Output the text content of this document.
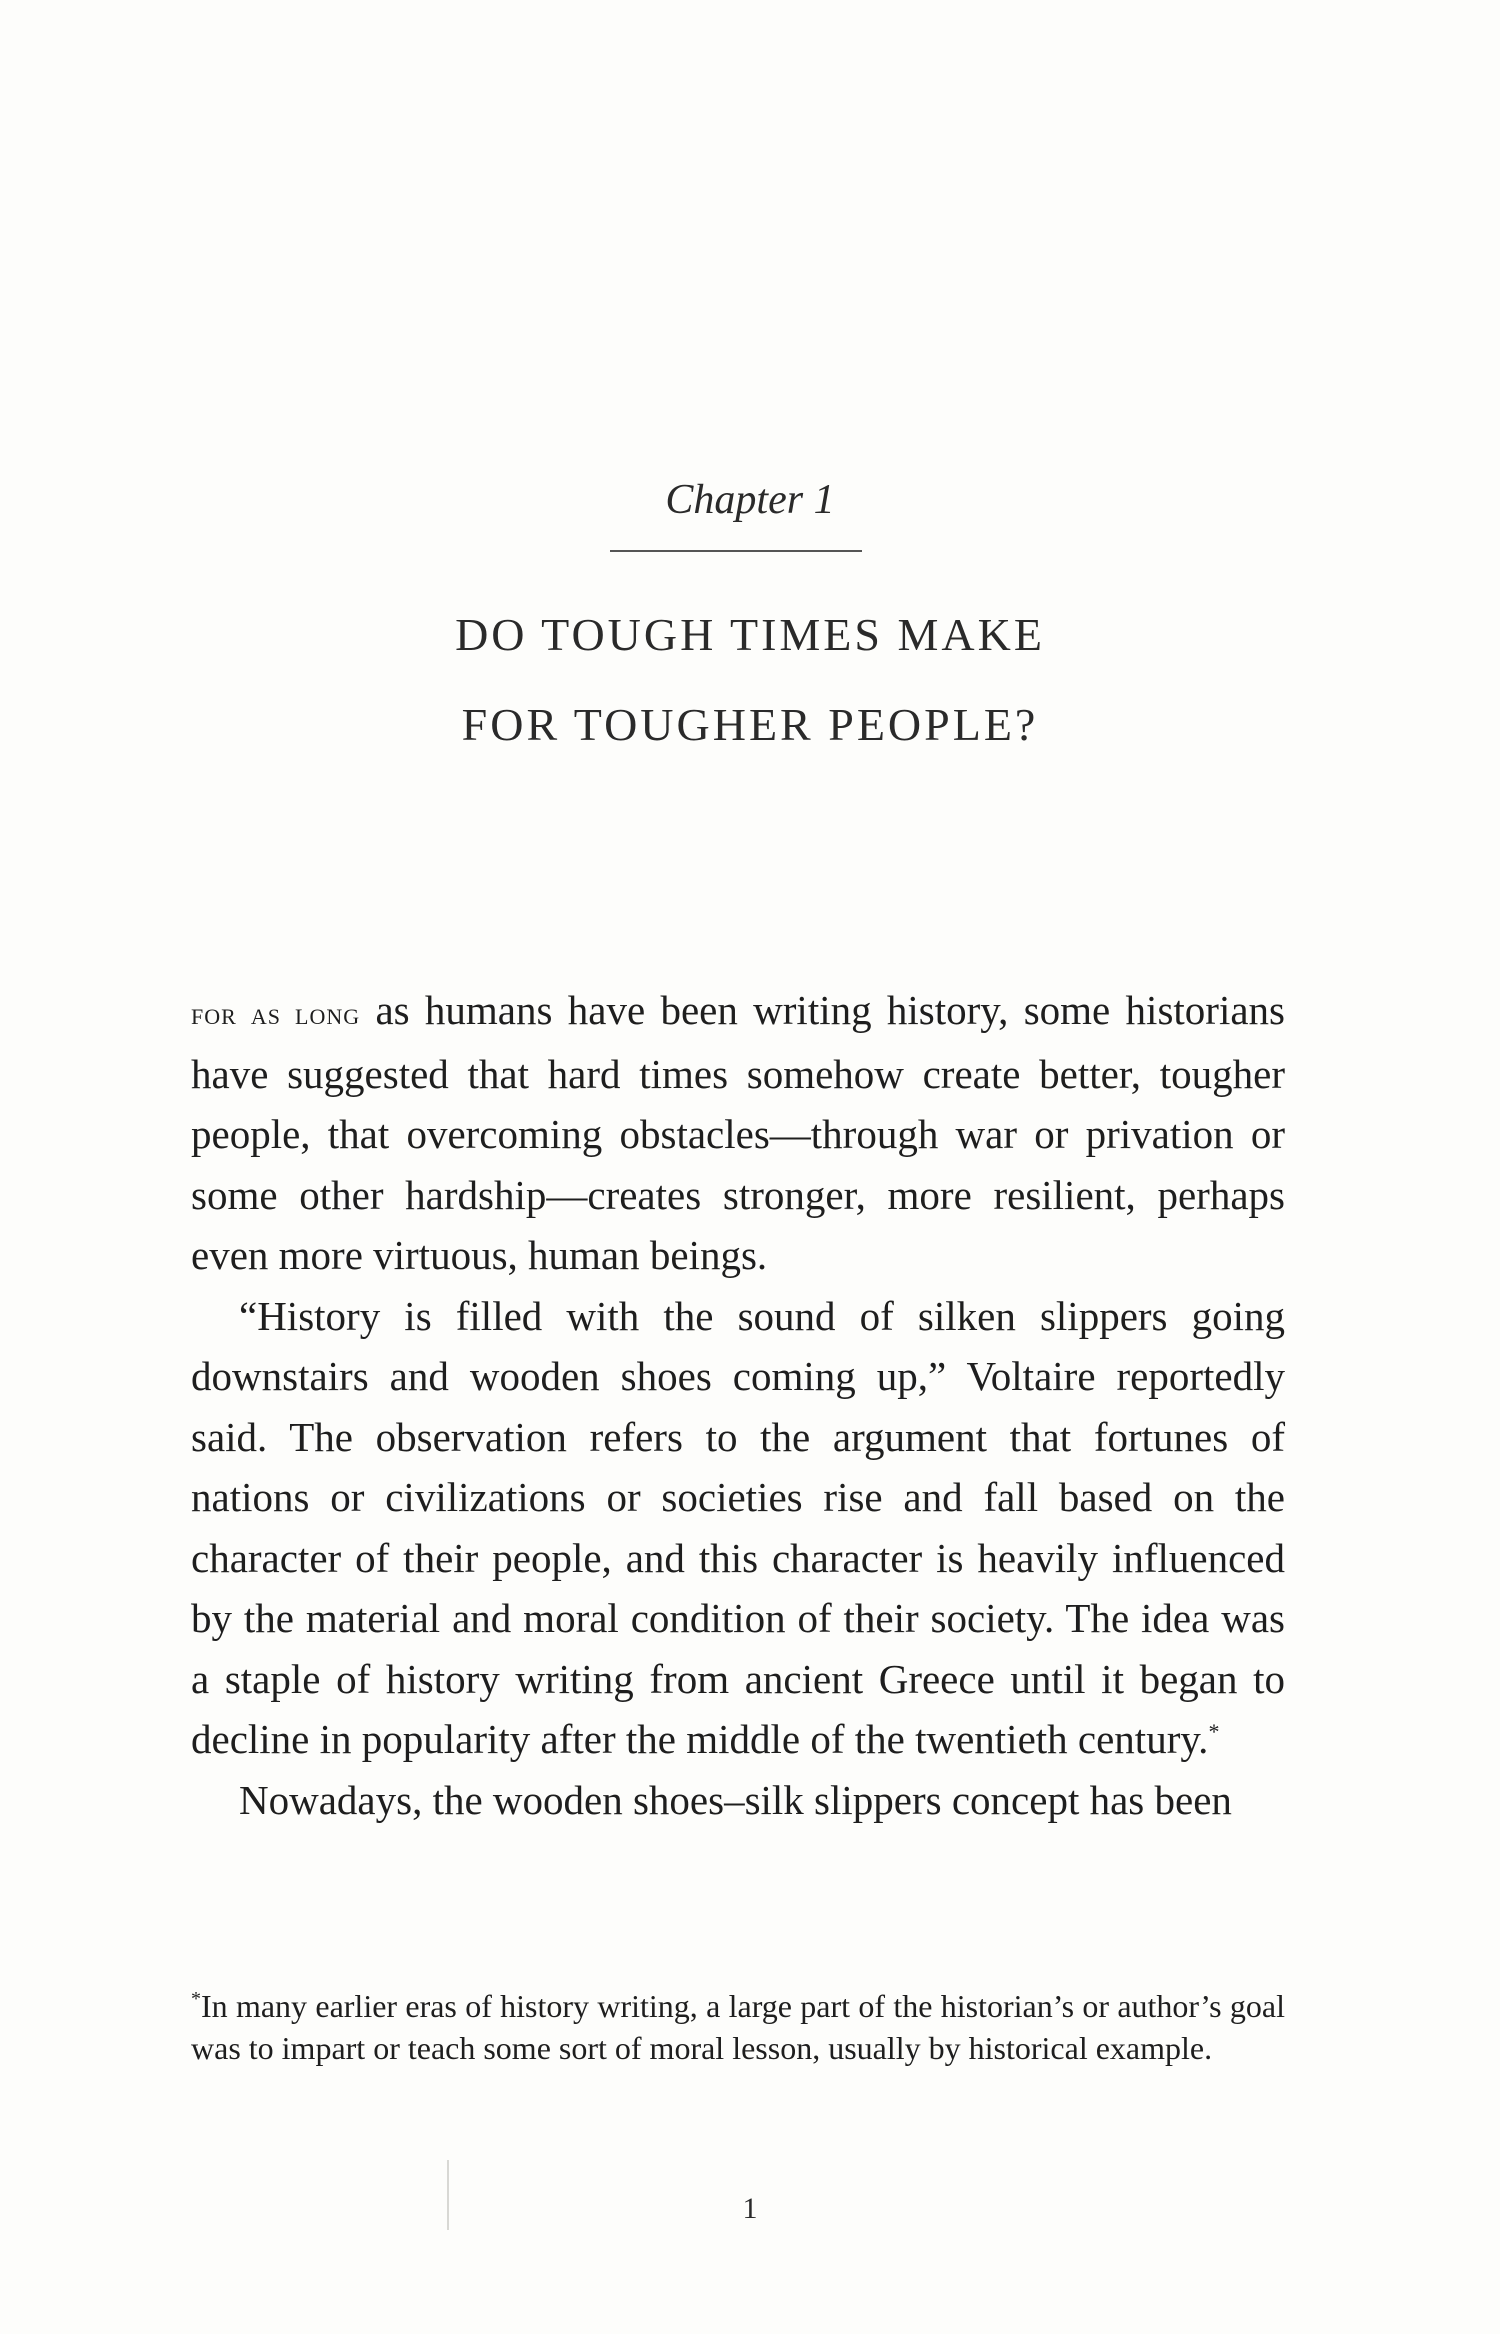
Chapter 1
DO TOUGH TIMES MAKE
FOR TOUGHER PEOPLE?

for as long as humans have been writing history, some historians have suggested that hard times somehow create better, tougher people, that overcoming obstacles—through war or privation or some other hardship—creates stronger, more resilient, perhaps even more virtuous, human beings.

“History is filled with the sound of silken slippers going downstairs and wooden shoes coming up,” Voltaire reportedly said. The observation refers to the argument that fortunes of nations or civilizations or societies rise and fall based on the character of their people, and this character is heavily influenced by the material and moral condition of their society. The idea was a staple of history writing from ancient Greece until it began to decline in popularity after the middle of the twentieth century.*

Nowadays, the wooden shoes–silk slippers concept has been

*In many earlier eras of history writing, a large part of the historian’s or author’s goal was to impart or teach some sort of moral lesson, usually by historical example.
1
